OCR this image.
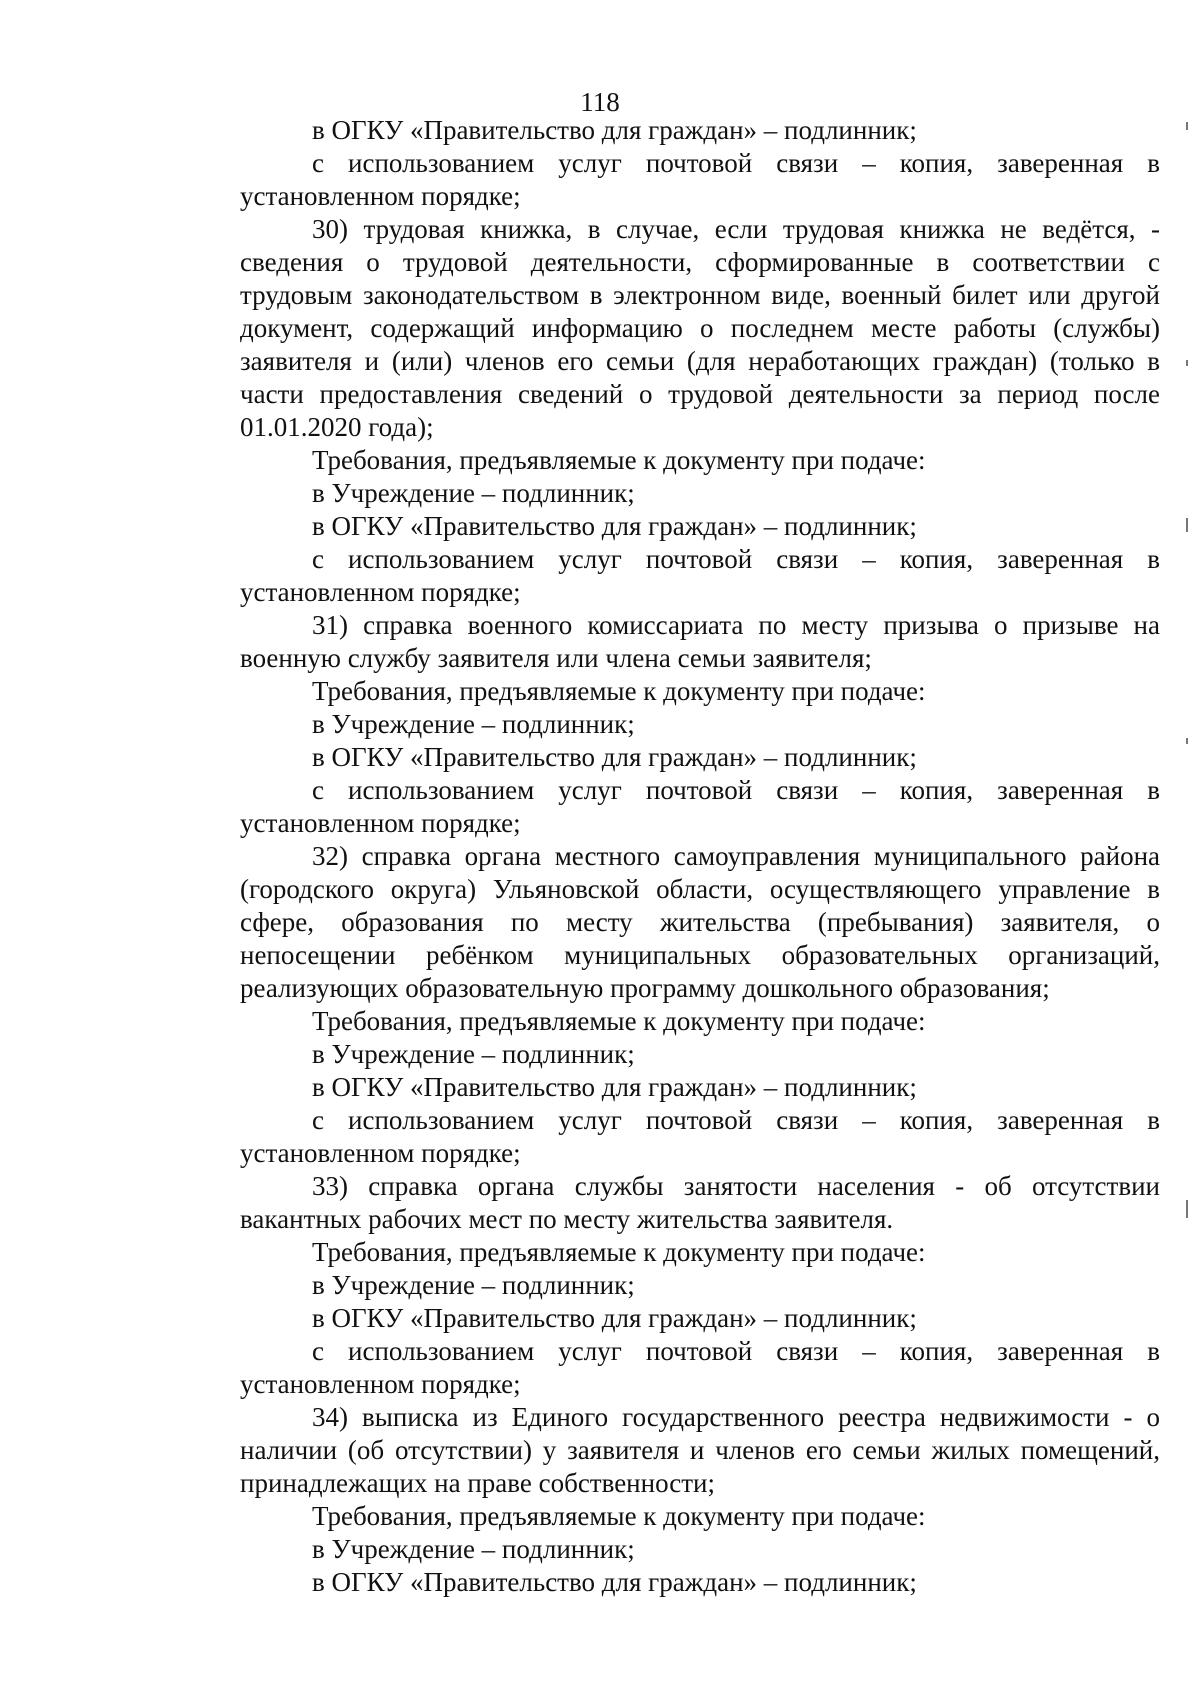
118

в ОГКУ «Правительство для граждан» – подлинник;

с использованием услуг почтовой связи – копия, заверенная в установленном порядке;

30) трудовая книжка, в случае, если трудовая книжка не ведётся, - сведения о трудовой деятельности, сформированные в соответствии с трудовым законодательством в электронном виде, военный билет или другой документ, содержащий информацию о последнем месте работы (службы) заявителя и (или) членов его семьи (для неработающих граждан) (только в части предоставления сведений о трудовой деятельности за период после 01.01.2020 года);

Требования, предъявляемые к документу при подаче:

в Учреждение – подлинник;

в ОГКУ «Правительство для граждан» – подлинник;

с использованием услуг почтовой связи – копия, заверенная в установленном порядке;

31) справка военного комиссариата по месту призыва о призыве на военную службу заявителя или члена семьи заявителя;

Требования, предъявляемые к документу при подаче:

в Учреждение – подлинник;

в ОГКУ «Правительство для граждан» – подлинник;

с использованием услуг почтовой связи – копия, заверенная в установленном порядке;

32) справка органа местного самоуправления муниципального района (городского округа) Ульяновской области, осуществляющего управление в сфере, образования по месту жительства (пребывания) заявителя, о непосещении ребёнком муниципальных образовательных организаций, реализующих образовательную программу дошкольного образования;

Требования, предъявляемые к документу при подаче:

в Учреждение – подлинник;

в ОГКУ «Правительство для граждан» – подлинник;

с использованием услуг почтовой связи – копия, заверенная в установленном порядке;

33) справка органа службы занятости населения - об отсутствии вакантных рабочих мест по месту жительства заявителя.

Требования, предъявляемые к документу при подаче:

в Учреждение – подлинник;

в ОГКУ «Правительство для граждан» – подлинник;

с использованием услуг почтовой связи – копия, заверенная в установленном порядке;

34) выписка из Единого государственного реестра недвижимости - о наличии (об отсутствии) у заявителя и членов его семьи жилых помещений, принадлежащих на праве собственности;

Требования, предъявляемые к документу при подаче:

в Учреждение – подлинник;

в ОГКУ «Правительство для граждан» – подлинник;
